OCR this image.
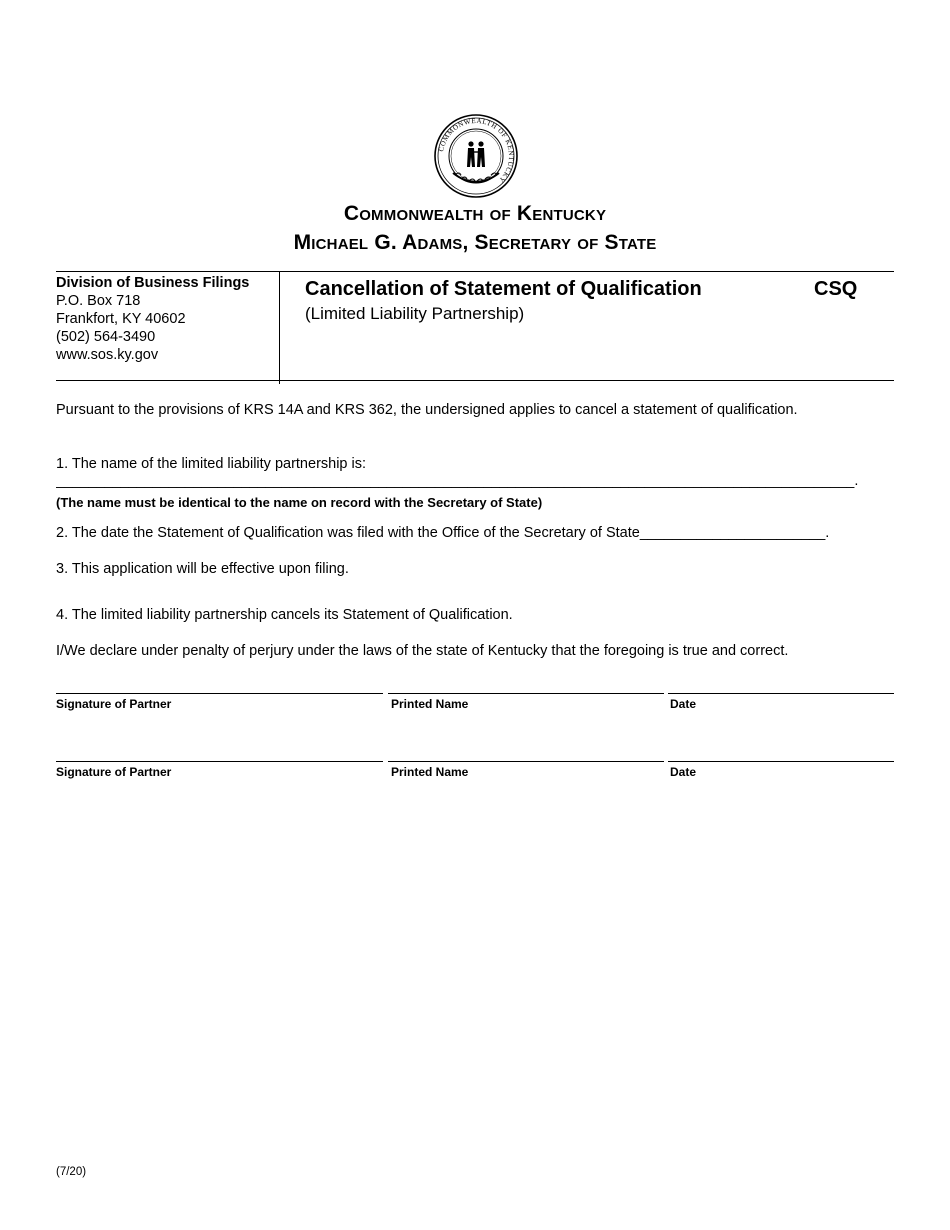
COMMONWEALTH OF KENTUCKY
Commonwealth of Kentucky
Michael G. Adams, Secretary of State
Division of Business Filings
P.O. Box 718
Frankfort, KY 40602
(502) 564-3490
www.sos.ky.gov
Cancellation of Statement of Qualification	CSQ
(Limited Liability Partnership)
Pursuant to the provisions of KRS 14A and KRS 362, the undersigned applies to cancel a statement of qualification.
1. The name of the limited liability partnership is:
___________________________________________________________________________________________________.
(The name must be identical to the name on record with the Secretary of State)
2. The date the Statement of Qualification was filed with the Office of the Secretary of State_______________________.
3. This application will be effective upon filing.
4. The limited liability partnership cancels its Statement of Qualification.
I/We declare under penalty of perjury under the laws of the state of Kentucky that the foregoing is true and correct.
Signature of Partner	Printed Name	Date
Signature of Partner	Printed Name	Date
(7/20)
